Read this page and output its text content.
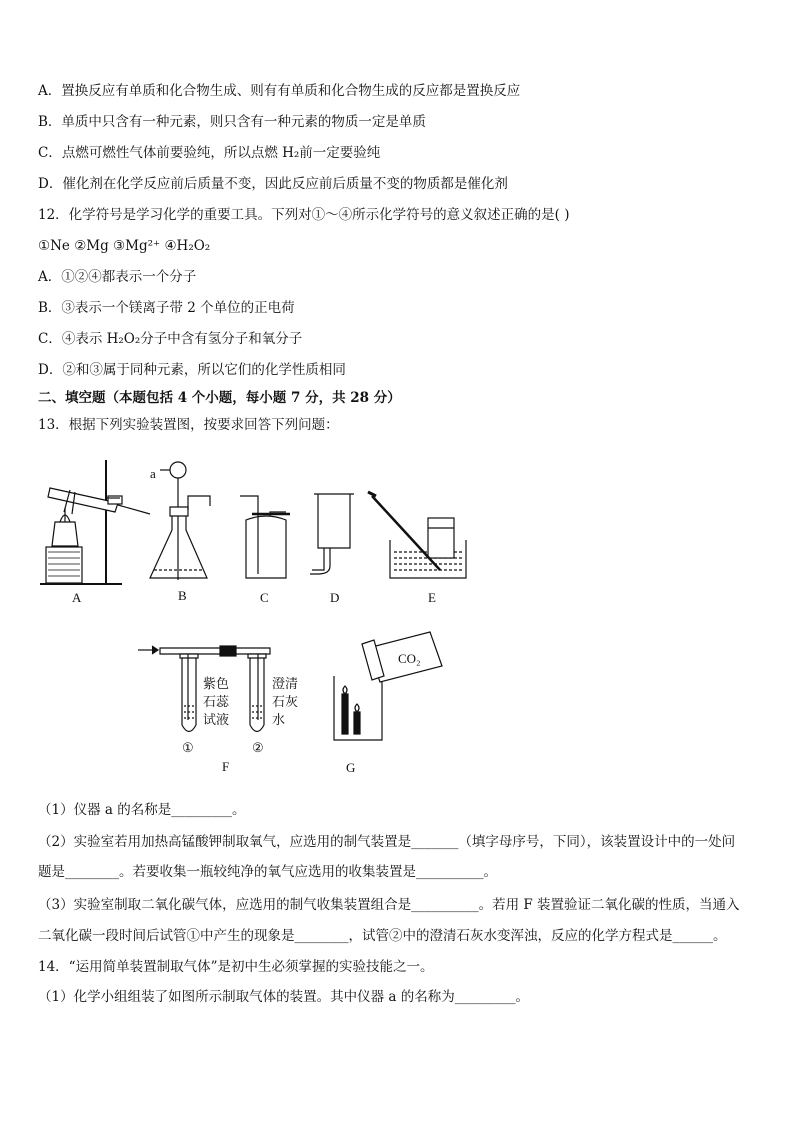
A．置换反应有单质和化合物生成、则有有单质和化合物生成的反应都是置换反应
B．单质中只含有一种元素，则只含有一种元素的物质一定是单质
C．点燃可燃性气体前要验纯，所以点燃 H₂前一定要验纯
D．催化剂在化学反应前后质量不变，因此反应前后质量不变的物质都是催化剂
12．化学符号是学习化学的重要工具。下列对①～④所示化学符号的意义叙述正确的是( )
①Ne ②Mg ③Mg²⁺ ④H₂O₂
A．①②④都表示一个分子
B．③表示一个镁离子带 2 个单位的正电荷
C．④表示 H₂O₂分子中含有氢分子和氧分子
D．②和③属于同种元素，所以它们的化学性质相同
二、填空题（本题包括 4 个小题，每小题 7 分，共 28 分）
13．根据下列实验装置图，按要求回答下列问题：
a
A	B	C	D	E
F	G
紫色
石蕊
试液
澄清
石灰
水
①	②
CO₂
（1）仪器 a 的名称是_________。
（2）实验室若用加热高锰酸钾制取氧气，应选用的制气装置是_______（填字母序号，下同），该装置设计中的一处问
题是________。若要收集一瓶较纯净的氧气应选用的收集装置是__________。
（3）实验室制取二氧化碳气体，应选用的制气收集装置组合是__________。若用 F 装置验证二氧化碳的性质，当通入
二氧化碳一段时间后试管①中产生的现象是________，试管②中的澄清石灰水变浑浊，反应的化学方程式是______。
14．“运用简单装置制取气体”是初中生必须掌握的实验技能之一。
（1）化学小组组装了如图所示制取气体的装置。其中仪器 a 的名称为_________。
